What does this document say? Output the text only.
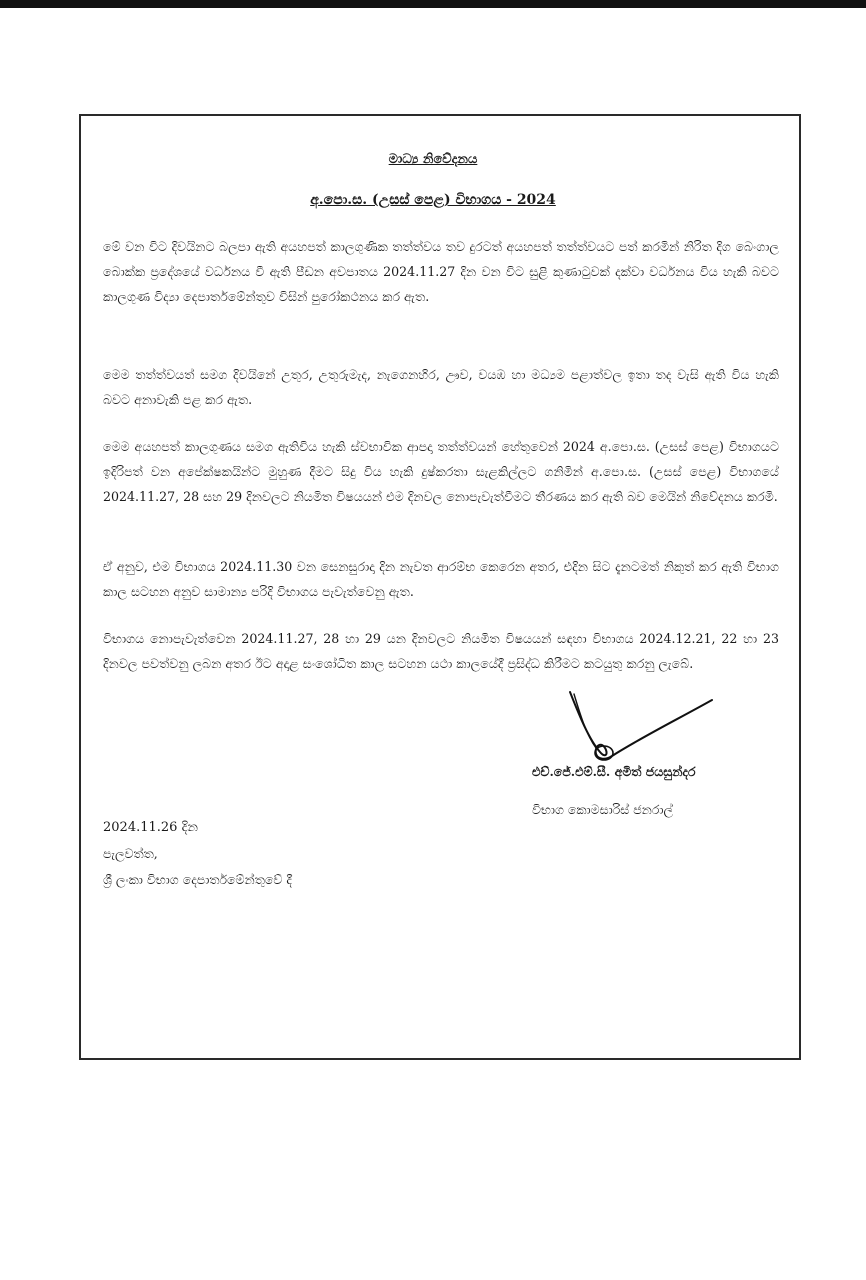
මාධ්‍ය නිවේදනය
අ.පො.ස. (උසස් පෙළ) විභාගය - 2024

මේ වන විට දිවයිනට බලපා ඇති අයහපත් කාලගුණික තත්ත්වය තව දුරටත් අයහපත් තත්ත්වයට පත් කරමින් නිරිත දිග බෙංගාල බොක්ක ප්‍රදේශයේ වර්ධනය වී ඇති පීඩන අවපාතය 2024.11.27 දින වන විට සුළි කුණාටුවක් දක්වා වර්ධනය විය හැකි බවට කාලගුණ විද්‍යා දෙපාර්තමේන්තුව විසින් පුරෝකථනය කර ඇත.

මෙම තත්ත්වයත් සමග දිවයිනේ උතුර, උතුරුමැද, නැගෙනහිර, ඌව, වයඹ හා මධ්‍යම පළාත්වල ඉතා තද වැසි ඇති විය හැකි බවට අනාවැකි පළ කර ඇත.

මෙම අයහපත් කාලගුණය සමග ඇතිවිය හැකි ස්වභාවික ආපදා තත්ත්වයන් හේතුවෙන් 2024 අ.පො.ස. (උසස් පෙළ) විභාගයට ඉදිරිපත් වන අපේක්ෂකයින්ට මුහුණ දීමට සිදු විය හැකි දුෂ්කරතා සැළකිල්ලට ගනිමින් අ.පො.ස. (උසස් පෙළ) විභාගයේ 2024.11.27, 28 සහ 29 දිනවලට නියමිත විෂයයන් එම දිනවල නොපැවැත්වීමට තීරණය කර ඇති බව මෙයින් නිවේදනය කරමි.

ඒ අනුව, එම විභාගය 2024.11.30 වන සෙනසුරාදා දින නැවත ආරම්භ කෙරෙන අතර, එදින සිට දැනටමත් නිකුත් කර ඇති විභාග කාල සටහන අනුව සාමාන්‍ය පරිදි විභාගය පැවැත්වෙනු ඇත.

විභාගය නොපැවැත්වෙන 2024.11.27, 28 හා 29 යන දිනවලට නියමිත විෂයයන් සඳහා විභාගය 2024.12.21, 22 හා 23 දිනවල පවත්වනු ලබන අතර ඊට අදාළ සංශෝධිත කාල සටහන යථා කාලයේදී ප්‍රසිද්ධ කිරීමට කටයුතු කරනු ලැබේ.

එච්.ජේ.එම්.සී. අමිත් ජයසුන්දර
විභාග කොමසාරිස් ජනරාල්
2024.11.26 දින
පැලවත්ත,
ශ්‍රී ලංකා විභාග දෙපාර්තමේන්තුවේ දී
